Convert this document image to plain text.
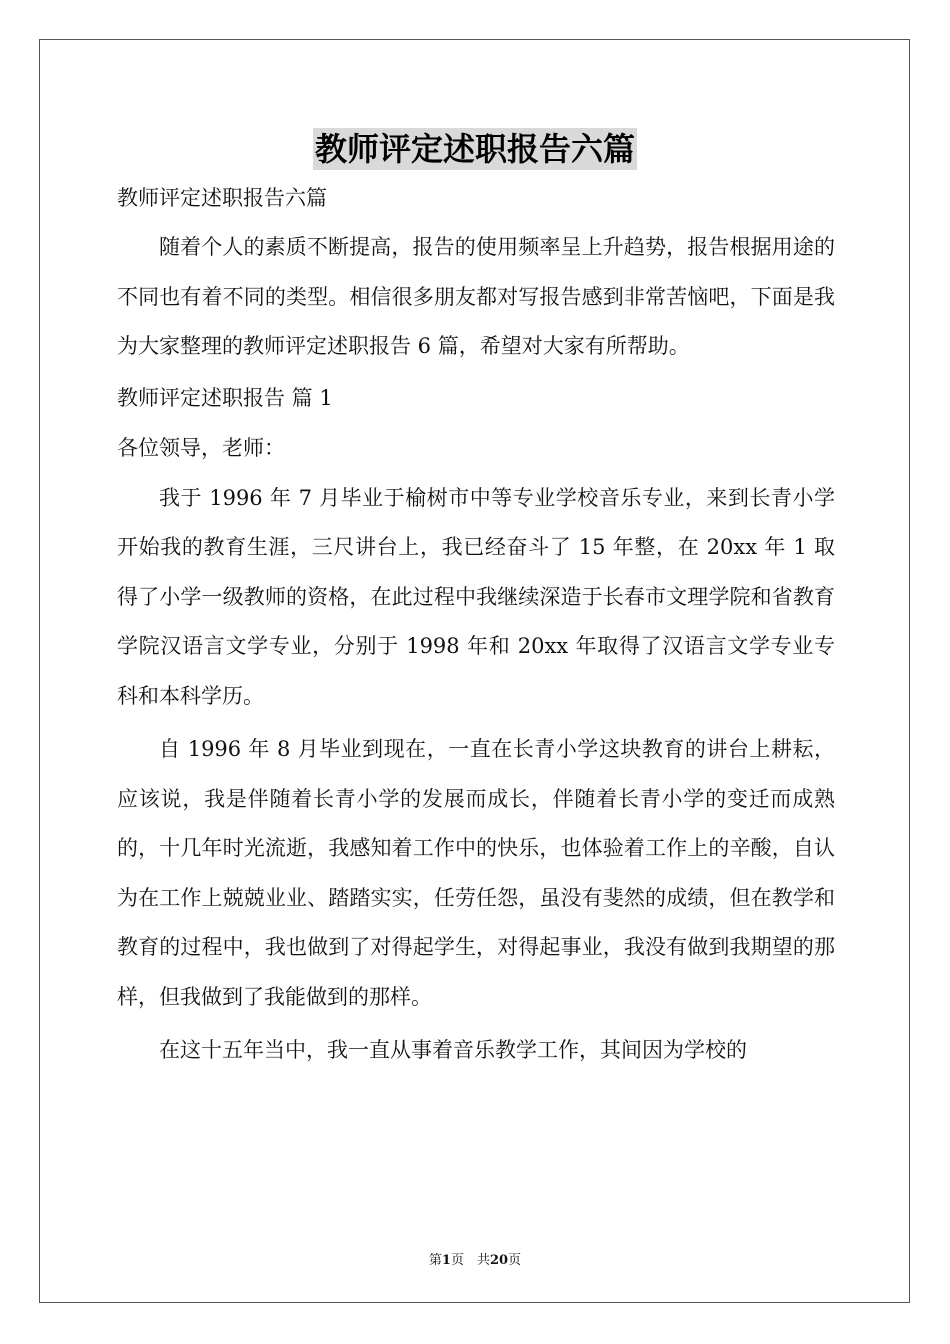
教师评定述职报告六篇

教师评定述职报告六篇

随着个人的素质不断提高，报告的使用频率呈上升趋势，报告根据用途的不同也有着不同的类型。相信很多朋友都对写报告感到非常苦恼吧，下面是我为大家整理的教师评定述职报告 6 篇，希望对大家有所帮助。

教师评定述职报告 篇 1

各位领导，老师：

我于 1996 年 7 月毕业于榆树市中等专业学校音乐专业，来到长青小学开始我的教育生涯，三尺讲台上，我已经奋斗了 15 年整，在 20xx 年 1 取得了小学一级教师的资格，在此过程中我继续深造于长春市文理学院和省教育学院汉语言文学专业，分别于 1998 年和 20xx 年取得了汉语言文学专业专科和本科学历。

自 1996 年 8 月毕业到现在，一直在长青小学这块教育的讲台上耕耘，应该说，我是伴随着长青小学的发展而成长，伴随着长青小学的变迁而成熟的，十几年时光流逝，我感知着工作中的快乐，也体验着工作上的辛酸，自认为在工作上兢兢业业、踏踏实实，任劳任怨，虽没有斐然的成绩，但在教学和教育的过程中，我也做到了对得起学生，对得起事业，我没有做到我期望的那样，但我做到了我能做到的那样。

在这十五年当中，我一直从事着音乐教学工作，其间因为学校的

第1页　共20页
